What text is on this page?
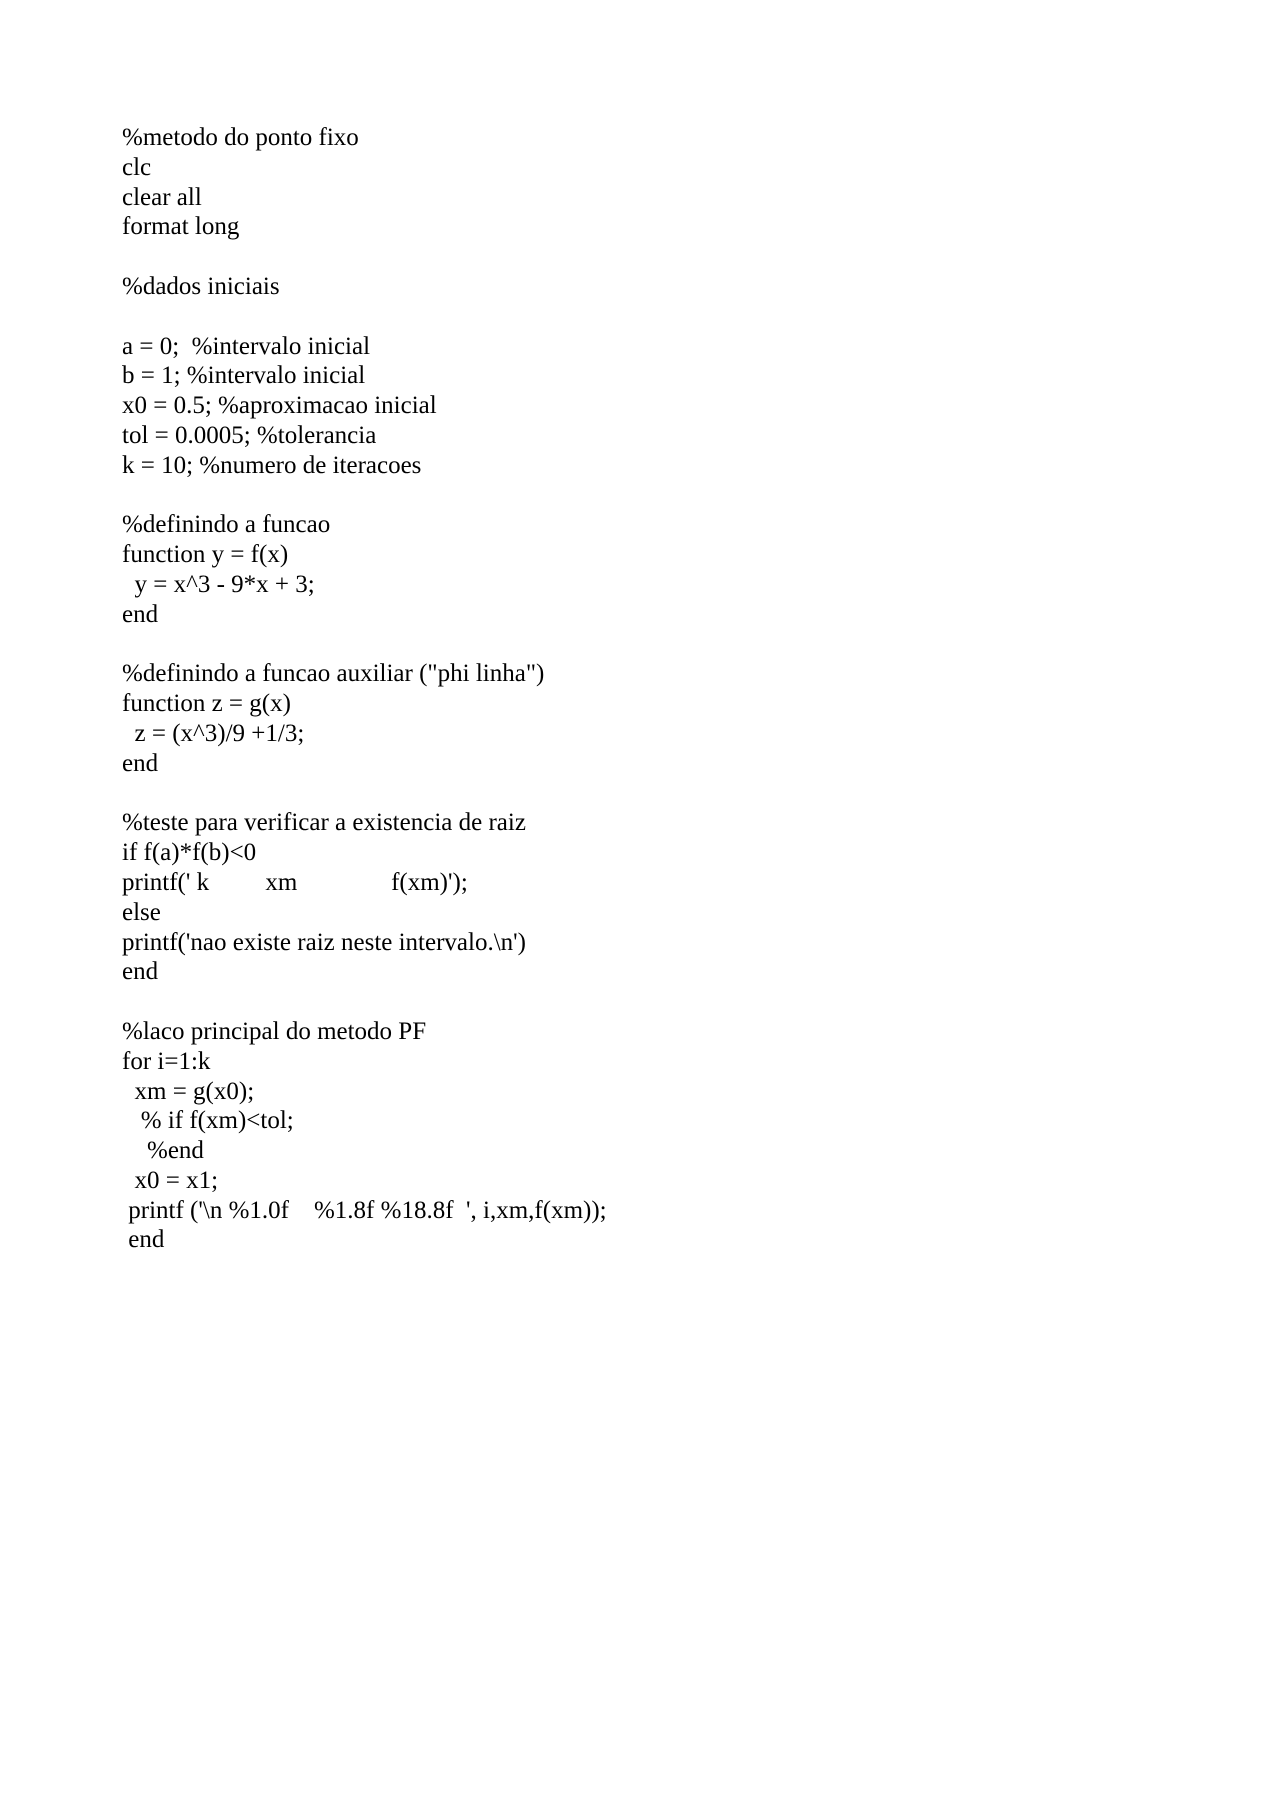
%metodo do ponto fixo
clc
clear all
format long
%dados iniciais
a = 0;  %intervalo inicial
b = 1; %intervalo inicial
x0 = 0.5; %aproximacao inicial
tol = 0.0005; %tolerancia
k = 10; %numero de iteracoes
%definindo a funcao
function y = f(x)
y = x^3 - 9*x + 3;
end
%definindo a funcao auxiliar ("phi linha")
function z = g(x)
z = (x^3)/9 +1/3;
end
%teste para verificar a existencia de raiz
if f(a)*f(b)<0
printf(' k         xm               f(xm)');
else
printf('nao existe raiz neste intervalo.\n')
end
%laco principal do metodo PF
for i=1:k
xm = g(x0);
% if f(xm)<tol;
%end
x0 = x1;
printf ('\n %1.0f    %1.8f %18.8f  ', i,xm,f(xm));
end
